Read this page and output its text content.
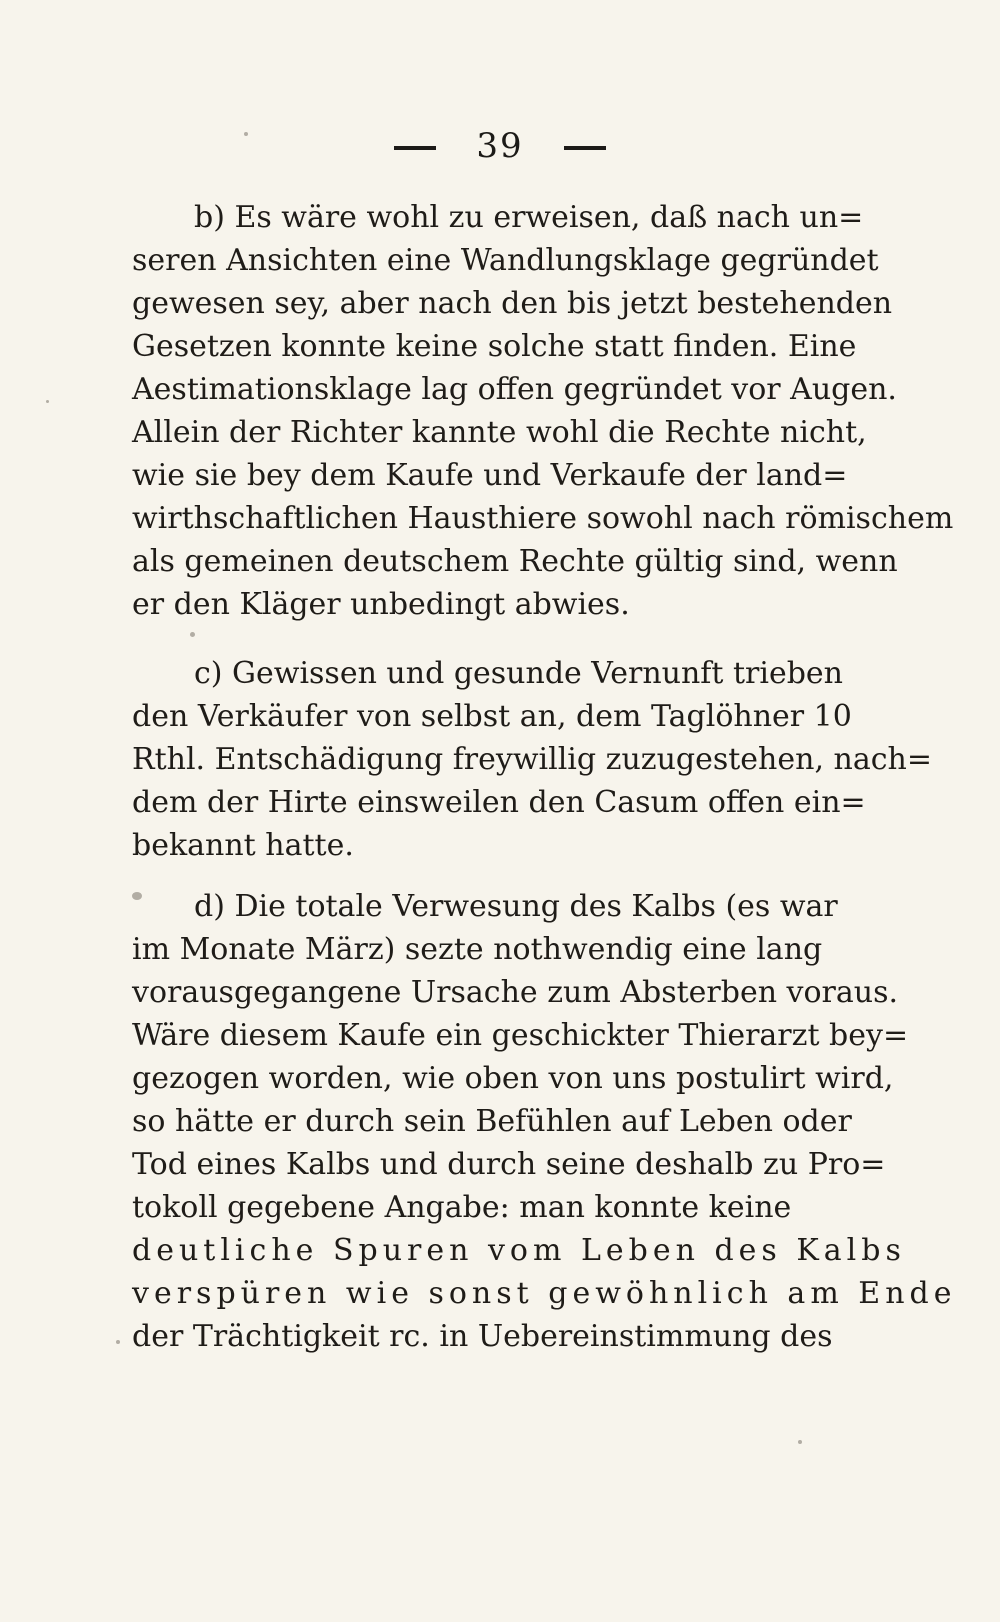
39
b) Es wäre wohl zu erweisen, daß nach un=
seren Ansichten eine Wandlungsklage gegründet
gewesen sey, aber nach den bis jetzt bestehenden
Gesetzen konnte keine solche statt finden. Eine
Aestimationsklage lag offen gegründet vor Augen.
Allein der Richter kannte wohl die Rechte nicht,
wie sie bey dem Kaufe und Verkaufe der land=
wirthschaftlichen Hausthiere sowohl nach römischem
als gemeinen deutschem Rechte gültig sind, wenn
er den Kläger unbedingt abwies.
c) Gewissen und gesunde Vernunft trieben
den Verkäufer von selbst an, dem Taglöhner 10
Rthl. Entschädigung freywillig zuzugestehen, nach=
dem der Hirte einsweilen den Casum offen ein=
bekannt hatte.
d) Die totale Verwesung des Kalbs (es war
im Monate März) sezte nothwendig eine lang
vorausgegangene Ursache zum Absterben voraus.
Wäre diesem Kaufe ein geschickter Thierarzt bey=
gezogen worden, wie oben von uns postulirt wird,
so hätte er durch sein Befühlen auf Leben oder
Tod eines Kalbs und durch seine deshalb zu Pro=
tokoll gegebene Angabe: man konnte keine
deutliche Spuren vom Leben des Kalbs
verspüren wie sonst gewöhnlich am Ende
der Trächtigkeit rc. in Uebereinstimmung des
